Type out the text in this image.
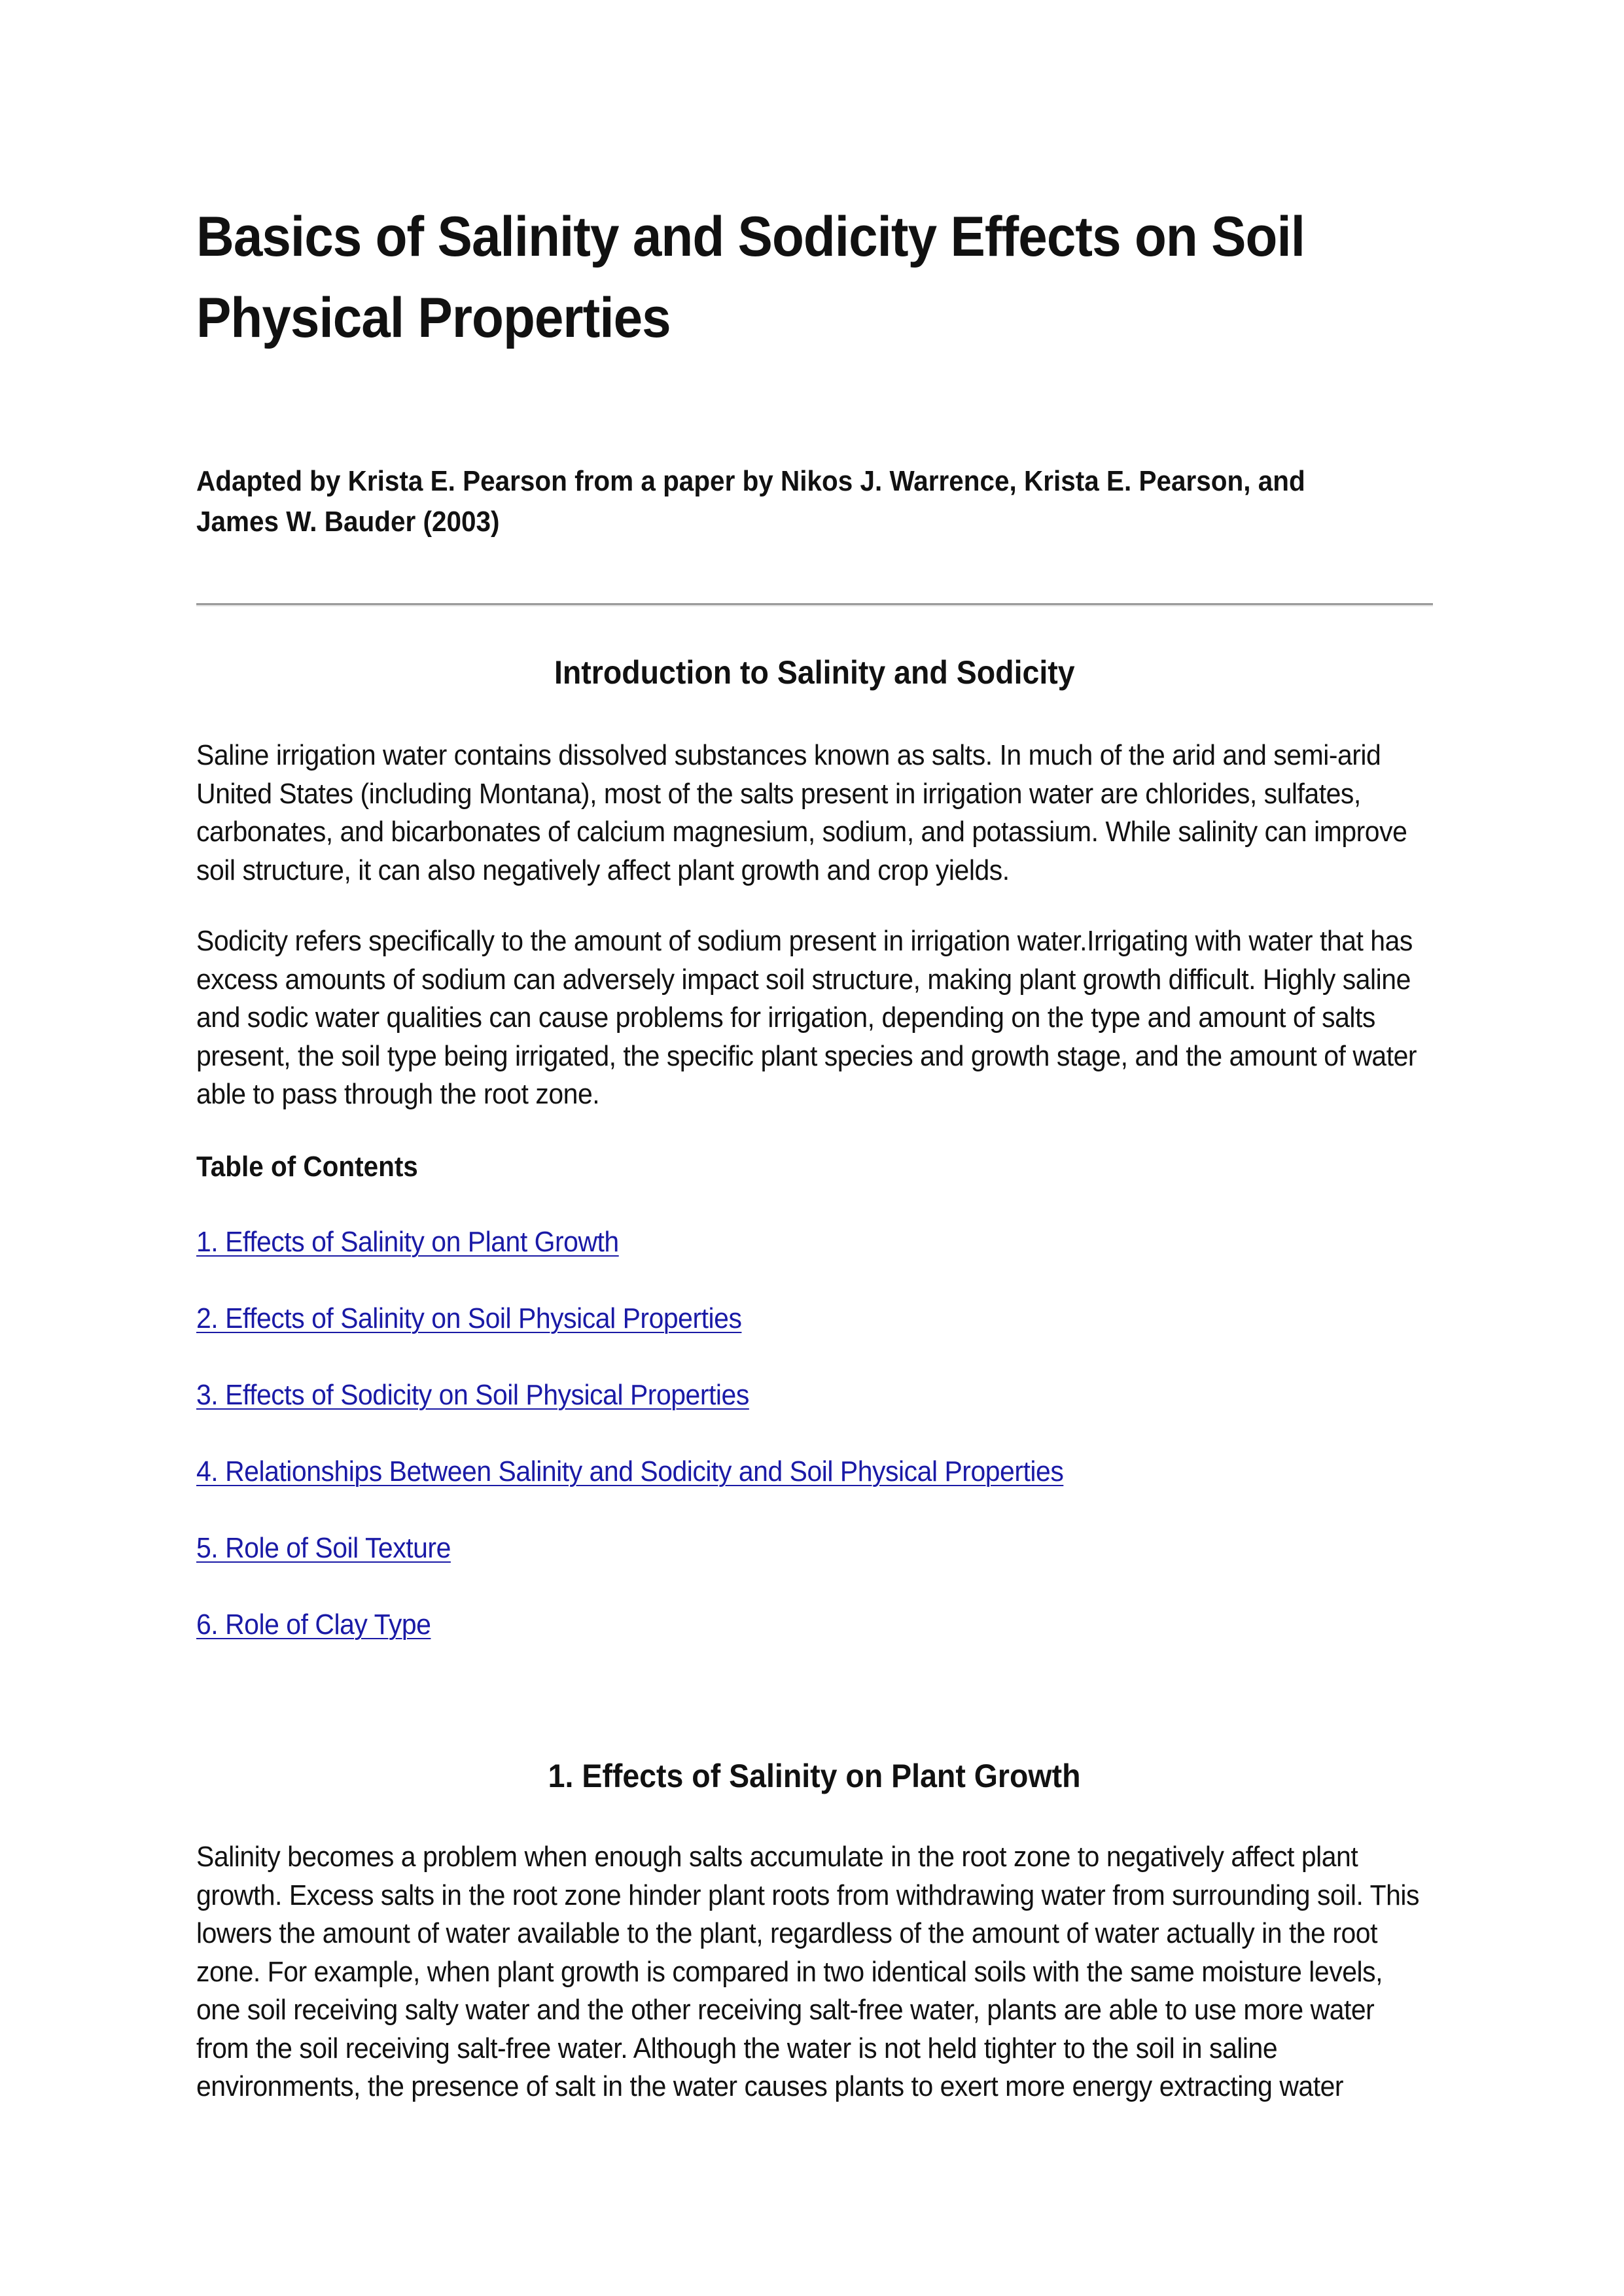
Basics of Salinity and Sodicity Effects on Soil Physical Properties

Adapted by Krista E. Pearson from a paper by Nikos J. Warrence, Krista E. Pearson, and James W. Bauder (2003)

Introduction to Salinity and Sodicity

Saline irrigation water contains dissolved substances known as salts. In much of the arid and semi-arid United States (including Montana), most of the salts present in irrigation water are chlorides, sulfates, carbonates, and bicarbonates of calcium magnesium, sodium, and potassium. While salinity can improve soil structure, it can also negatively affect plant growth and crop yields.

Sodicity refers specifically to the amount of sodium present in irrigation water.Irrigating with water that has excess amounts of sodium can adversely impact soil structure, making plant growth difficult. Highly saline and sodic water qualities can cause problems for irrigation, depending on the type and amount of salts present, the soil type being irrigated, the specific plant species and growth stage, and the amount of water able to pass through the root zone.

Table of Contents

1. Effects of Salinity on Plant Growth
2. Effects of Salinity on Soil Physical Properties
3. Effects of Sodicity on Soil Physical Properties
4. Relationships Between Salinity and Sodicity and Soil Physical Properties
5. Role of Soil Texture
6. Role of Clay Type
1. Effects of Salinity on Plant Growth

Salinity becomes a problem when enough salts accumulate in the root zone to negatively affect plant growth. Excess salts in the root zone hinder plant roots from withdrawing water from surrounding soil. This lowers the amount of water available to the plant, regardless of the amount of water actually in the root zone. For example, when plant growth is compared in two identical soils with the same moisture levels, one soil receiving salty water and the other receiving salt-free water, plants are able to use more water from the soil receiving salt-free water. Although the water is not held tighter to the soil in saline environments, the presence of salt in the water causes plants to exert more energy extracting water
